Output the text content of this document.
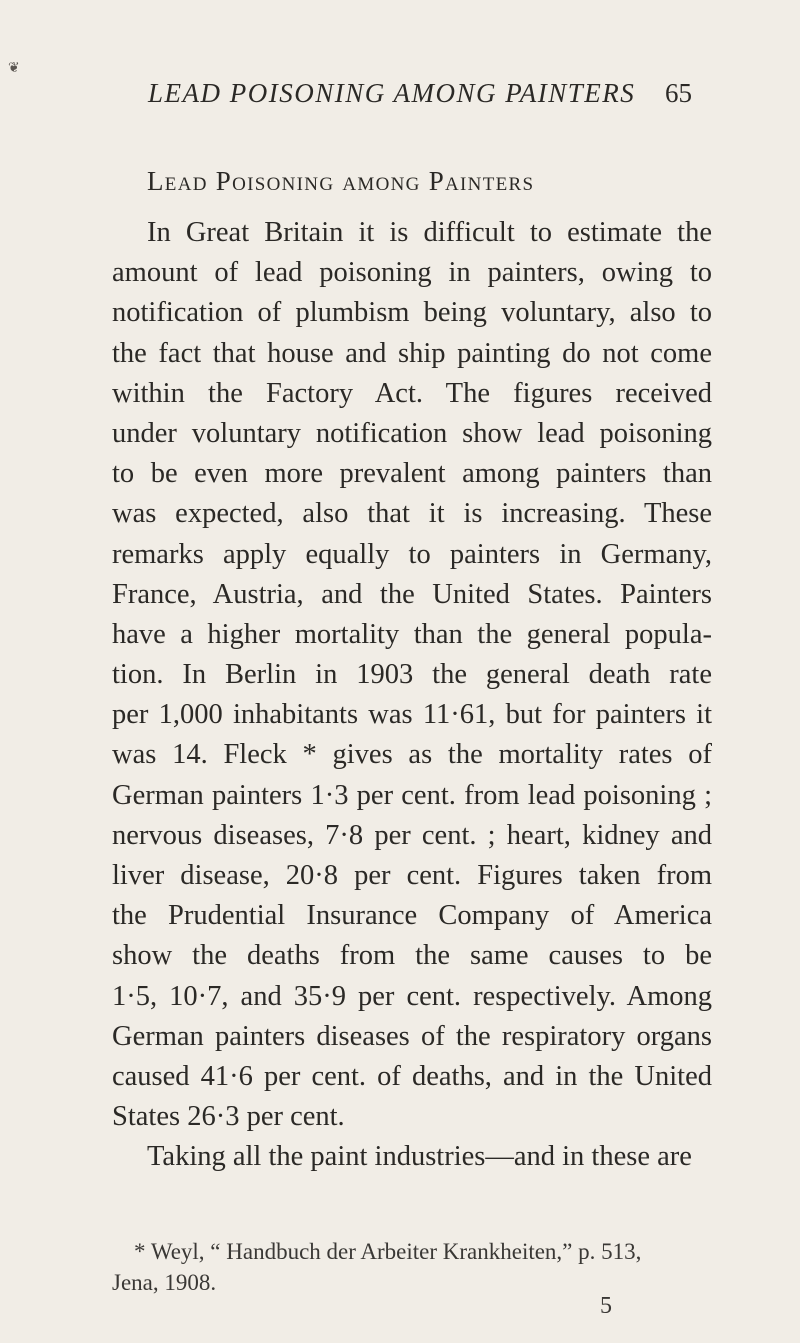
❦
LEAD POISONING AMONG PAINTERS	65
Lead Poisoning among Painters
In Great Britain it is difficult to estimate the
amount of lead poisoning in painters, owing to
notification of plumbism being voluntary, also to
the fact that house and ship painting do not come
within the Factory Act. The figures received
under voluntary notification show lead poisoning
to be even more prevalent among painters than
was expected, also that it is increasing. These
remarks apply equally to painters in Germany,
France, Austria, and the United States. Painters
have a higher mortality than the general popula-
tion. In Berlin in 1903 the general death rate
per 1,000 inhabitants was 11·61, but for painters it
was 14. Fleck * gives as the mortality rates of
German painters 1·3 per cent. from lead poisoning ;
nervous diseases, 7·8 per cent. ; heart, kidney and
liver disease, 20·8 per cent. Figures taken from
the Prudential Insurance Company of America
show the deaths from the same causes to be
1·5, 10·7, and 35·9 per cent. respectively. Among
German painters diseases of the respiratory organs
caused 41·6 per cent. of deaths, and in the United
States 26·3 per cent.
Taking all the paint industries—and in these are
* Weyl, “ Handbuch der Arbeiter Krankheiten,” p. 513,
Jena, 1908.
5
